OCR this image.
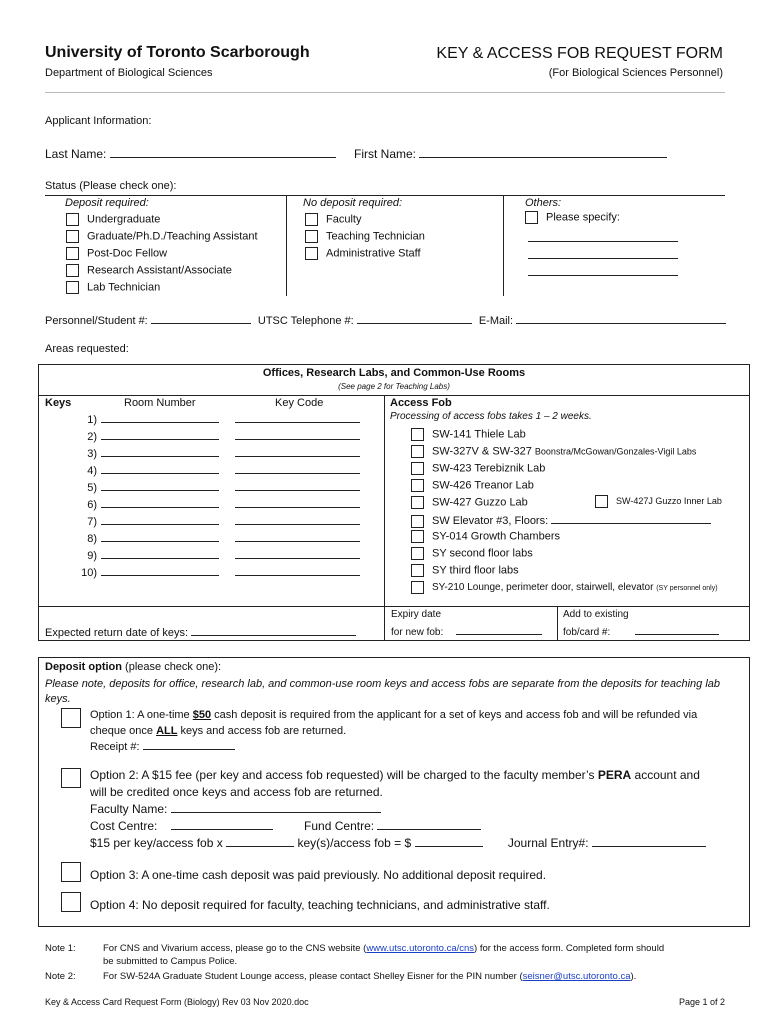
University of Toronto Scarborough
Department of Biological Sciences
KEY & ACCESS FOB REQUEST FORM
(For Biological Sciences Personnel)
Applicant Information:
Last Name:	First Name:
Status (Please check one):
Deposit required:	No deposit required:	Others:
Undergraduate
Graduate/Ph.D./Teaching Assistant
Post-Doc Fellow
Research Assistant/Associate
Lab Technician
Faculty
Teaching Technician
Administrative Staff
Please specify:
Personnel/Student #:	UTSC Telephone #:	E-Mail:
Areas requested:
Offices, Research Labs, and Common-Use Rooms
(See page 2 for Teaching Labs)
Keys	Room Number	Key Code
1)
2)
3)
4)
5)
6)
7)
8)
9)
10)
Access Fob
Processing of access fobs takes 1 – 2 weeks.
SW-141 Thiele Lab
SW-327V & SW-327 Boonstra/McGowan/Gonzales-Vigil Labs
SW-423 Terebiznik Lab
SW-426 Treanor Lab
SW-427 Guzzo Lab	SW-427J Guzzo Inner Lab
SW Elevator #3, Floors:
SY-014 Growth Chambers
SY second floor labs
SY third floor labs
SY-210 Lounge, perimeter door, stairwell, elevator (SY personnel only)
Expected return date of keys:
Expiry date
for new fob:
Add to existing
fob/card #:
Deposit option (please check one):
Please note, deposits for office, research lab, and common-use room keys and access fobs are separate from the deposits for teaching lab keys.
Option 1: A one-time $50 cash deposit is required from the applicant for a set of keys and access fob and will be refunded via
cheque once ALL keys and access fob are returned.
Receipt #:
Option 2: A $15 fee (per key and access fob requested) will be charged to the faculty member’s PERA account and
will be credited once keys and access fob are returned.
Faculty Name:
Cost Centre:	Fund Centre:
$15 per key/access fob x	key(s)/access fob = $	Journal Entry#:
Option 3: A one-time cash deposit was paid previously. No additional deposit required.
Option 4: No deposit required for faculty, teaching technicians, and administrative staff.
Note 1:	For CNS and Vivarium access, please go to the CNS website (www.utsc.utoronto.ca/cns) for the access form. Completed form should
be submitted to Campus Police.
Note 2:	For SW-524A Graduate Student Lounge access, please contact Shelley Eisner for the PIN number (seisner@utsc.utoronto.ca).
Key & Access Card Request Form (Biology) Rev 03 Nov 2020.doc	Page 1 of 2
